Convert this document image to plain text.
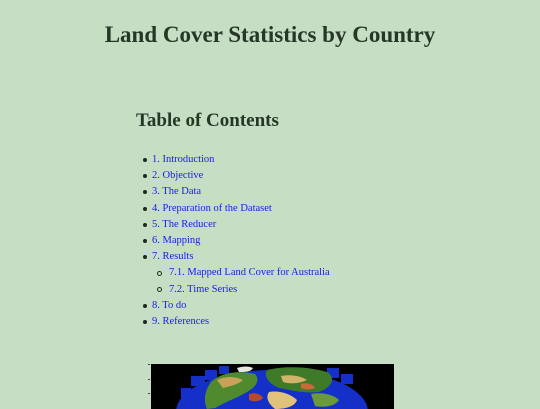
Land Cover Statistics by Country
Table of Contents
1. Introduction
2. Objective
3. The Data
4. Preparation of the Dataset
5. The Reducer
6. Mapping
7. Results
7.1. Mapped Land Cover for Australia
7.2. Time Series
8. To do
9. References
